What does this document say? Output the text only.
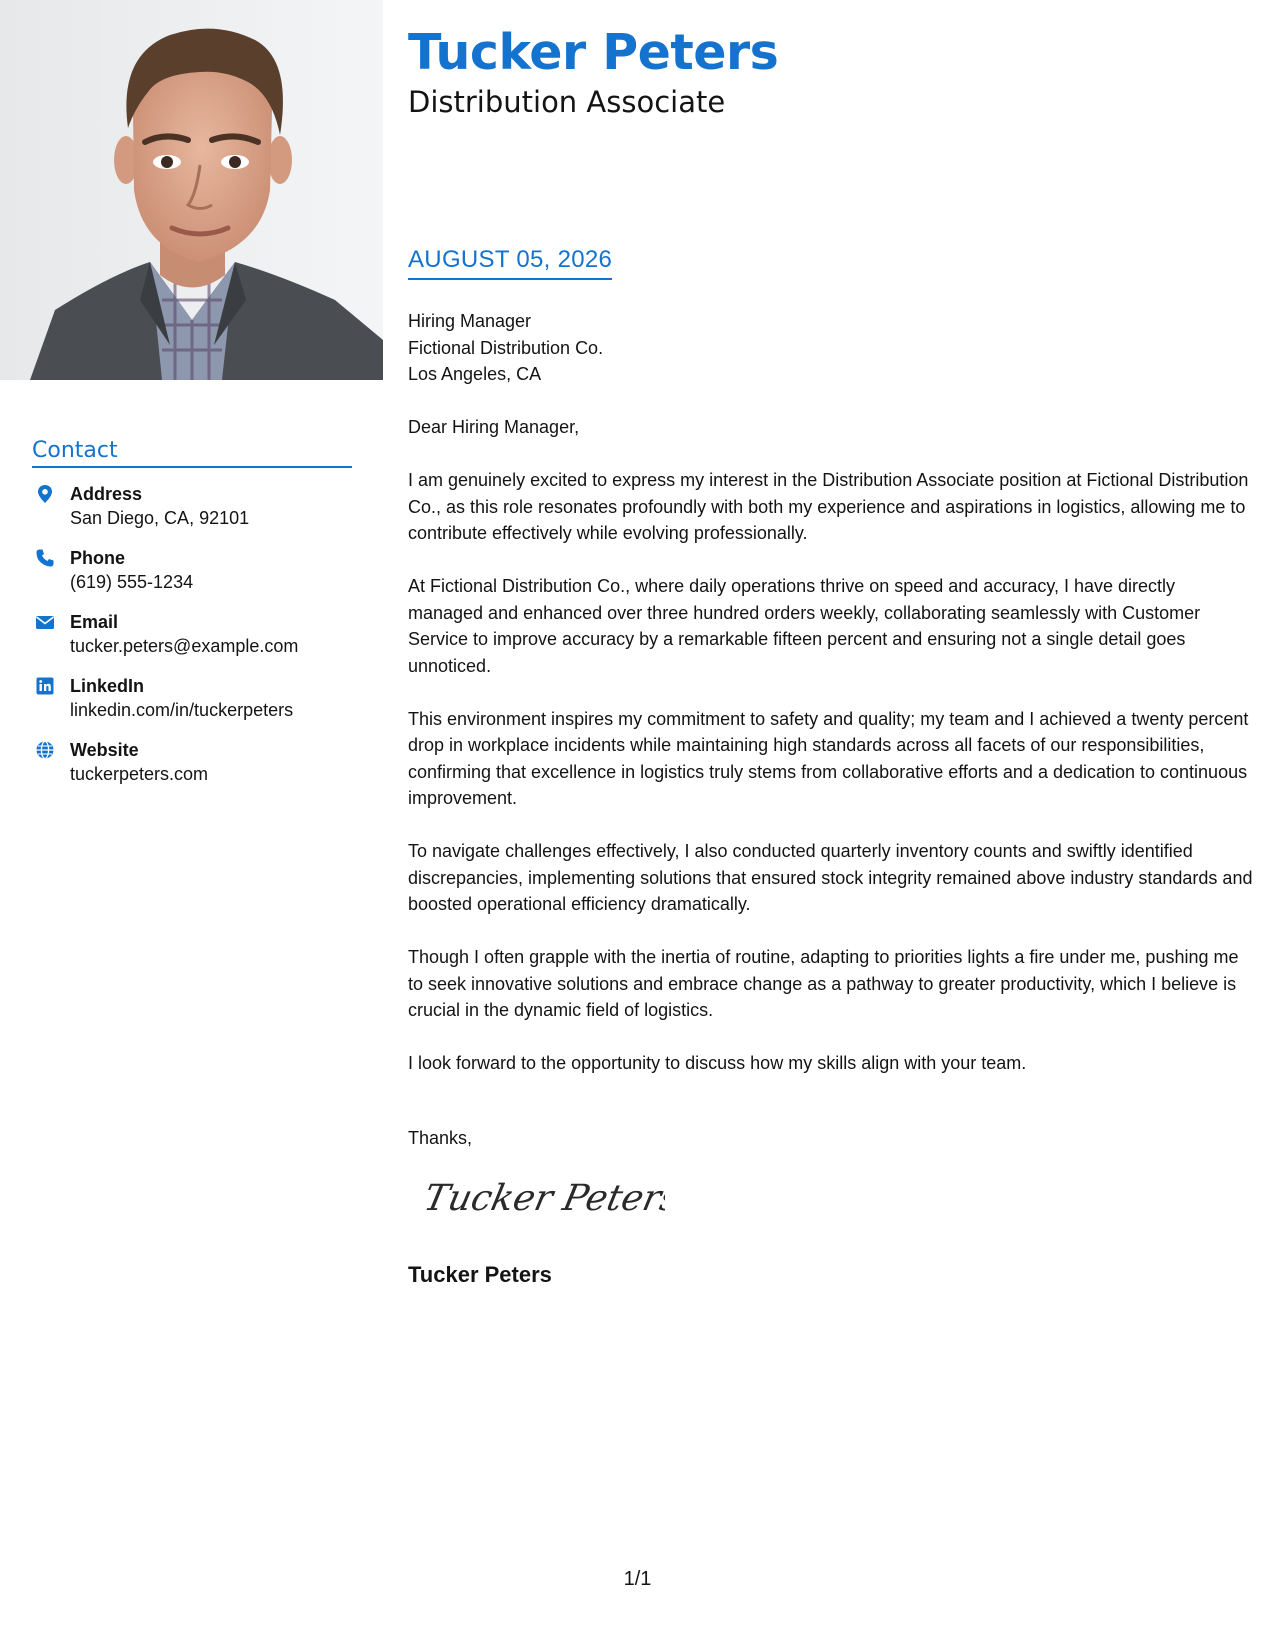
Contact
Address
San Diego, CA, 92101
Phone
(619) 555-1234
Email
tucker.peters@example.com
LinkedIn
linkedin.com/in/tuckerpeters
Website
tuckerpeters.com
Tucker Peters
Distribution Associate
AUGUST 05, 2026
Hiring Manager
Fictional Distribution Co.
Los Angeles, CA

Dear Hiring Manager,

I am genuinely excited to express my interest in the Distribution Associate position at Fictional Distribution Co., as this role resonates profoundly with both my experience and aspirations in logistics, allowing me to contribute effectively while evolving professionally.

At Fictional Distribution Co., where daily operations thrive on speed and accuracy, I have directly managed and enhanced over three hundred orders weekly, collaborating seamlessly with Customer Service to improve accuracy by a remarkable fifteen percent and ensuring not a single detail goes unnoticed.

This environment inspires my commitment to safety and quality; my team and I achieved a twenty percent drop in workplace incidents while maintaining high standards across all facets of our responsibilities, confirming that excellence in logistics truly stems from collaborative efforts and a dedication to continuous improvement.

To navigate challenges effectively, I also conducted quarterly inventory counts and swiftly identified discrepancies, implementing solutions that ensured stock integrity remained above industry standards and boosted operational efficiency dramatically.

Though I often grapple with the inertia of routine, adapting to priorities lights a fire under me, pushing me to seek innovative solutions and embrace change as a pathway to greater productivity, which I believe is crucial in the dynamic field of logistics.

I look forward to the opportunity to discuss how my skills align with your team.

Thanks,
Tucker Peters
Tucker Peters
1/1
